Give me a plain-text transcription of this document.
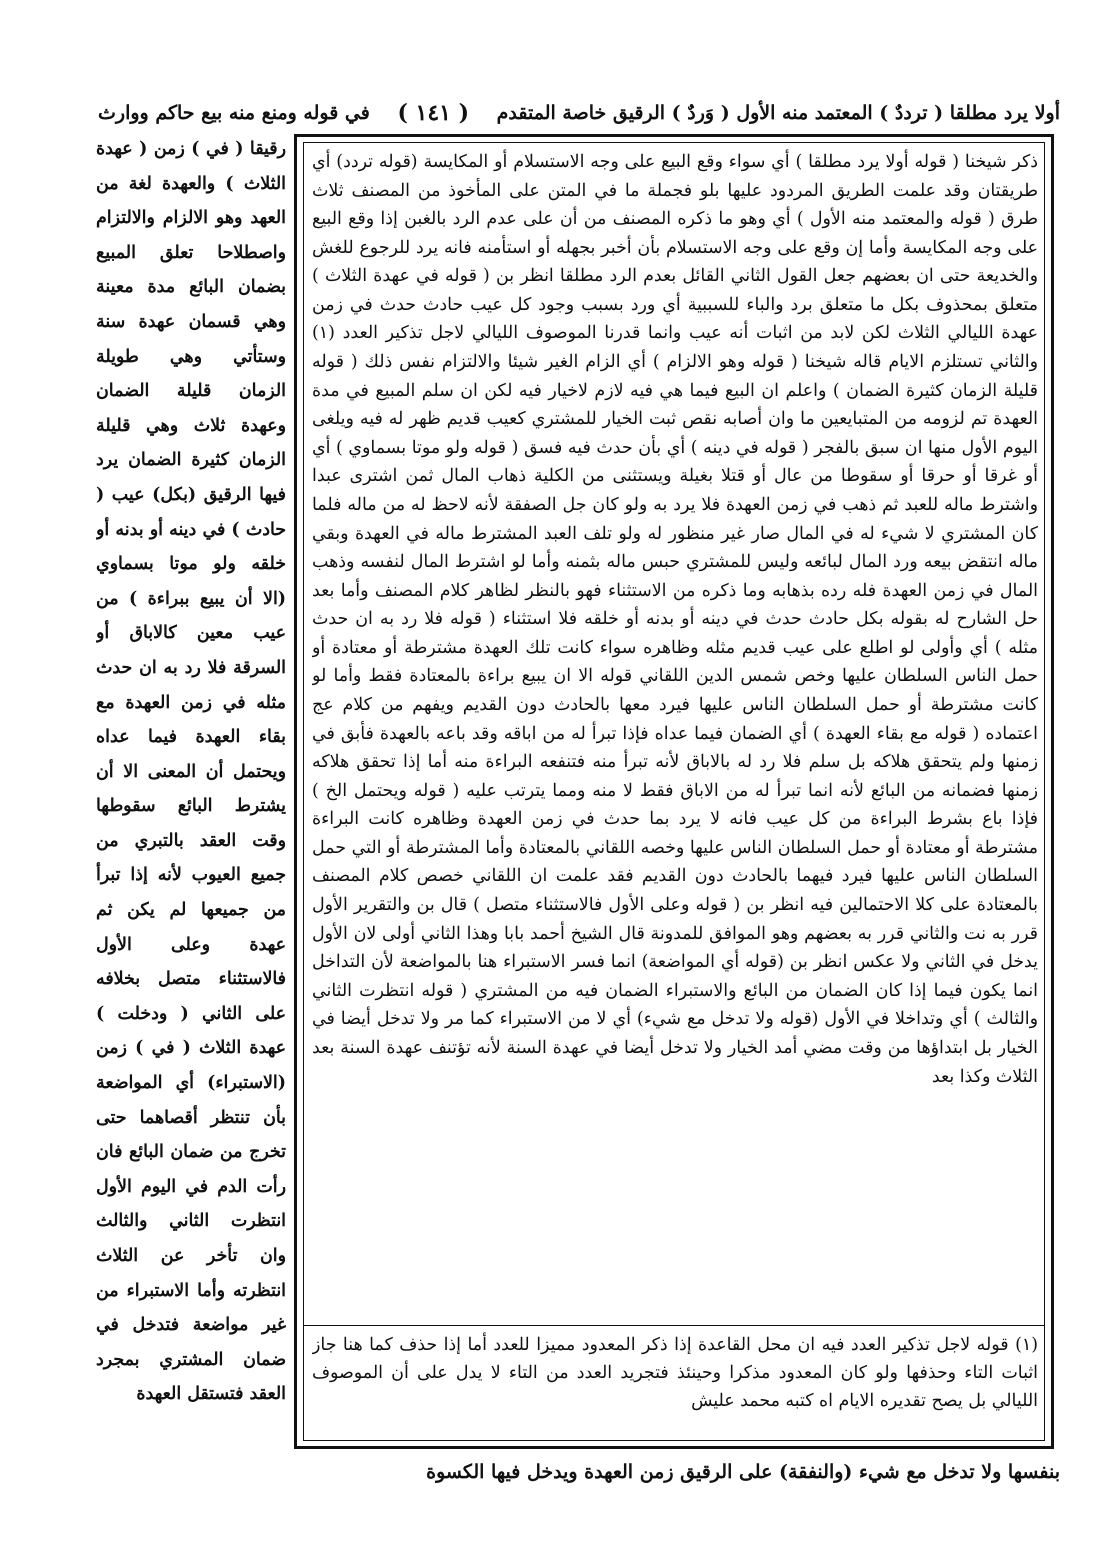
أولا يرد مطلقا ( ترددٌ ) المعتمد منه الأول ( وَردٌ ) الرقيق خاصة المتقدم
( ١٤١ )
في قوله ومنع منه بيع حاكم ووارث

ذكر شيخنا ( قوله أولا يرد مطلقا ) أي سواء وقع البيع على وجه الاستسلام أو المكايسة (قوله تردد) أي طريقتان وقد علمت الطريق المردود عليها بلو فجملة ما في المتن على المأخوذ من المصنف ثلاث طرق ( قوله والمعتمد منه الأول ) أي وهو ما ذكره المصنف من أن على عدم الرد بالغبن إذا وقع البيع على وجه المكايسة وأما إن وقع على وجه الاستسلام بأن أخبر بجهله أو استأمنه فانه يرد للرجوع للغش والخديعة حتى ان بعضهم جعل القول الثاني القائل بعدم الرد مطلقا انظر بن ( قوله في عهدة الثلاث ) متعلق بمحذوف بكل ما متعلق برد والباء للسببية أي ورد بسبب وجود كل عيب حادث حدث في زمن عهدة الليالي الثلاث لكن لابد من اثبات أنه عيب وانما قدرنا الموصوف الليالي لاجل تذكير العدد (١) والثاني تستلزم الايام قاله شيخنا ( قوله وهو الالزام ) أي الزام الغير شيئا والالتزام نفس ذلك ( قوله قليلة الزمان كثيرة الضمان ) واعلم ان البيع فيما هي فيه لازم لاخيار فيه لكن ان سلم المبيع في مدة العهدة تم لزومه من المتبايعين ما وان أصابه نقص ثبت الخيار للمشتري كعيب قديم ظهر له فيه ويلغى اليوم الأول منها ان سبق بالفجر ( قوله في دينه ) أي بأن حدث فيه فسق ( قوله ولو موتا بسماوي ) أي أو غرقا أو حرقا أو سقوطا من عال أو قتلا بغيلة ويستثنى من الكلية ذهاب المال ثمن اشترى عبدا واشترط ماله للعبد ثم ذهب في زمن العهدة فلا يرد به ولو كان جل الصفقة لأنه لاحظ له من ماله فلما كان المشتري لا شيء له في المال صار غير منظور له ولو تلف العبد المشترط ماله في العهدة وبقي ماله انتقض بيعه ورد المال لبائعه وليس للمشتري حبس ماله بثمنه وأما لو اشترط المال لنفسه وذهب المال في زمن العهدة فله رده بذهابه وما ذكره من الاستثناء فهو بالنظر لظاهر كلام المصنف وأما بعد حل الشارح له بقوله بكل حادث حدث في دينه أو بدنه أو خلقه فلا استثناء ( قوله فلا رد به ان حدث مثله ) أي وأولى لو اطلع على عيب قديم مثله وظاهره سواء كانت تلك العهدة مشترطة أو معتادة أو حمل الناس السلطان عليها وخص شمس الدين اللقاني قوله الا ان يبيع براءة بالمعتادة فقط وأما لو كانت مشترطة أو حمل السلطان الناس عليها فيرد معها بالحادث دون القديم ويفهم من كلام عج اعتماده ( قوله مع بقاء العهدة ) أي الضمان فيما عداه فإذا تبرأ له من اباقه وقد باعه بالعهدة فأبق في زمنها ولم يتحقق هلاكه بل سلم فلا رد له بالاباق لأنه تبرأ منه فتنفعه البراءة منه أما إذا تحقق هلاكه زمنها فضمانه من البائع لأنه انما تبرأ له من الاباق فقط لا منه ومما يترتب عليه ( قوله ويحتمل الخ ) فإذا باع بشرط البراءة من كل عيب فانه لا يرد بما حدث في زمن العهدة وظاهره كانت البراءة مشترطة أو معتادة أو حمل السلطان الناس عليها وخصه اللقاني بالمعتادة وأما المشترطة أو التي حمل السلطان الناس عليها فيرد فيهما بالحادث دون القديم فقد علمت ان اللقاني خصص كلام المصنف بالمعتادة على كلا الاحتمالين فيه انظر بن ( قوله وعلى الأول فالاستثناء متصل ) قال بن والتقرير الأول قرر به نت والثاني قرر به بعضهم وهو الموافق للمدونة قال الشيخ أحمد بابا وهذا الثاني أولى لان الأول يدخل في الثاني ولا عكس انظر بن (قوله أي المواضعة) انما فسر الاستبراء هنا بالمواضعة لأن التداخل انما يكون فيما إذا كان الضمان من البائع والاستبراء الضمان فيه من المشتري ( قوله انتظرت الثاني والثالث ) أي وتداخلا في الأول (قوله ولا تدخل مع شيء) أي لا من الاستبراء كما مر ولا تدخل أيضا في الخيار بل ابتداؤها من وقت مضي أمد الخيار ولا تدخل أيضا في عهدة السنة لأنه تؤتنف عهدة السنة بعد الثلاث وكذا بعد

(١) قوله لاجل تذكير العدد فيه ان محل القاعدة إذا ذكر المعدود مميزا للعدد أما إذا حذف كما هنا جاز اثبات التاء وحذفها ولو كان المعدود مذكرا وحينئذ فتجريد العدد من التاء لا يدل على أن الموصوف الليالي بل يصح تقديره الايام اه كتبه محمد عليش

رقيقا ( في ) زمن ( عهدة الثلاث ) والعهدة لغة من العهد وهو الالزام والالتزام واصطلاحا تعلق المبيع بضمان البائع مدة معينة وهي قسمان عهدة سنة وستأتي وهي طويلة الزمان قليلة الضمان وعهدة ثلاث وهي قليلة الزمان كثيرة الضمان يرد فيها الرقيق (بكل) عيب ( حادث ) في دينه أو بدنه أو خلقه ولو موتا بسماوي (الا أن يبيع ببراءة ) من عيب معين كالاباق أو السرقة فلا رد به ان حدث مثله في زمن العهدة مع بقاء العهدة فيما عداه ويحتمل أن المعنى الا أن يشترط البائع سقوطها وقت العقد بالتبري من جميع العيوب لأنه إذا تبرأ من جميعها لم يكن ثم عهدة وعلى الأول فالاستثناء متصل بخلافه على الثاني ( ودخلت ) عهدة الثلاث ( في ) زمن (الاستبراء) أي المواضعة بأن تنتظر أقصاهما حتى تخرج من ضمان البائع فان رأت الدم في اليوم الأول انتظرت الثاني والثالث وان تأخر عن الثلاث انتظرته وأما الاستبراء من غير مواضعة فتدخل في ضمان المشتري بمجرد العقد فتستقل العهدة

بنفسها ولا تدخل مع شيء (والنفقة) على الرقيق زمن العهدة ويدخل فيها الكسوة
